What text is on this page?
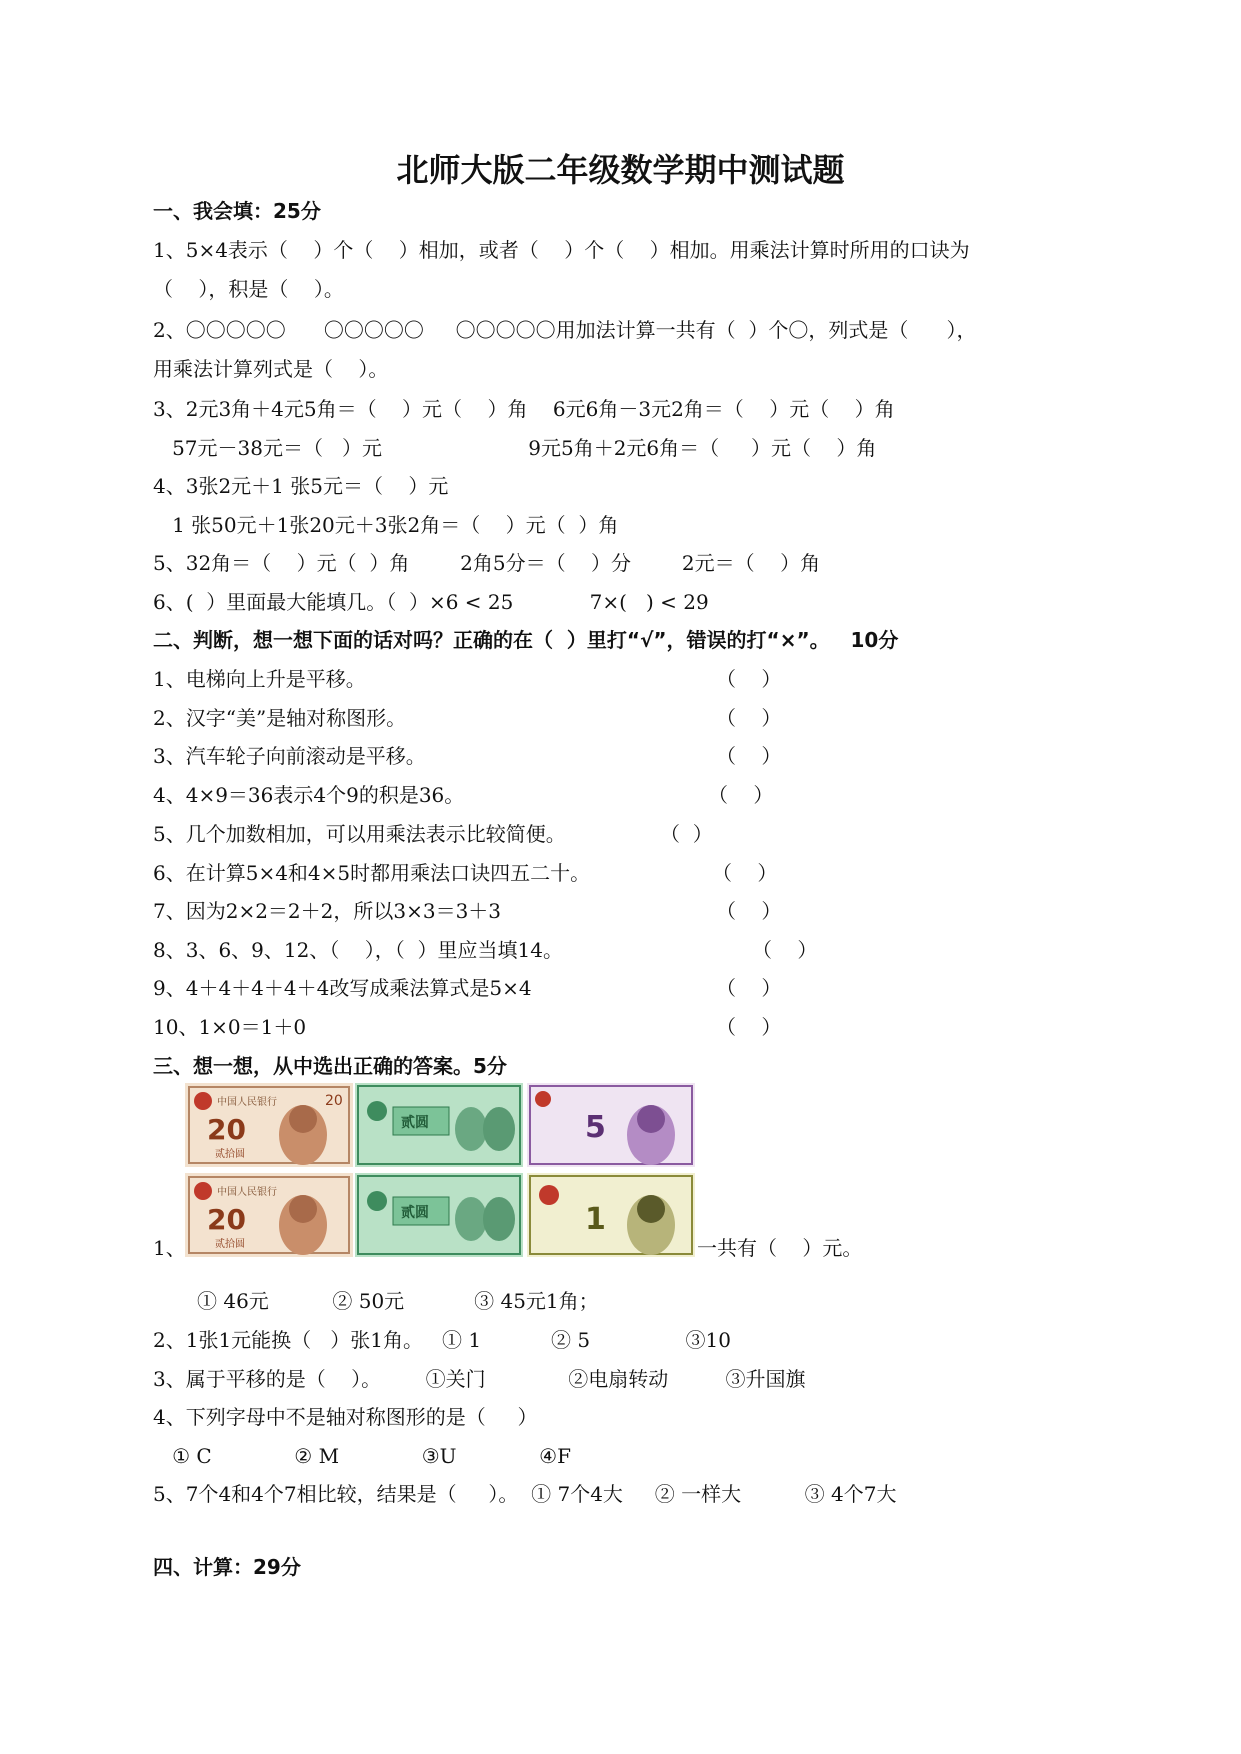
北师大版二年级数学期中测试题
一、我会填：25分
1、5×4表示（    ）个（    ）相加，或者（    ）个（    ）相加。用乘法计算时所用的口诀为
（    ），积是（    ）。
2、〇〇〇〇〇      〇〇〇〇〇     〇〇〇〇〇用加法计算一共有（  ）个〇，列式是（      ），
用乘法计算列式是（    ）。
3、2元3角＋4元5角＝（    ）元（    ）角    6元6角－3元2角＝（    ）元（    ）角
57元－38元＝（   ）元                       9元5角＋2元6角＝（     ）元（    ）角
4、3张2元＋1 张5元＝（    ）元
1 张50元＋1张20元＋3张2角＝（    ）元（  ）角
5、32角＝（    ）元（  ）角        2角5分＝（    ）分        2元＝（    ）角
6、(  ）里面最大能填几。（  ）×6 < 25            7×(   ) < 29
二、判断，想一想下面的话对吗？正确的在（  ）里打“√”，错误的打“×”。   10分
1、电梯向上升是平移。	（    ）
2、汉字“美”是轴对称图形。	（    ）
3、汽车轮子向前滚动是平移。	（    ）
4、4×9＝36表示4个9的积是36。	（    ）
5、几个加数相加，可以用乘法表示比较简便。	（  ）
6、在计算5×4和4×5时都用乘法口诀四五二十。	（    ）
7、因为2×2＝2＋2，所以3×3＝3＋3	（    ）
8、3、6、9、12、（    ），（  ）里应当填14。	（    ）
9、4＋4＋4＋4＋4改写成乘法算式是5×4	（    ）
10、1×0＝1＋0	（    ）
三、想一想，从中选出正确的答案。5分
中国人民银行
20
贰拾圆
20
贰圆	5
中国人民银行
20
贰拾圆
贰圆	1
1、	一共有（    ）元。
① 46元          ② 50元           ③ 45元1角；
2、1张1元能换（   ）张1角。   ① 1           ② 5               ③10
3、属于平移的是（    ）。       ①关门             ②电扇转动         ③升国旗
4、下列字母中不是轴对称图形的是（     ）
① C             ② M             ③U             ④F
5、7个4和4个7相比较，结果是（     ）。  ① 7个4大     ② 一样大          ③ 4个7大
四、计算：29分
